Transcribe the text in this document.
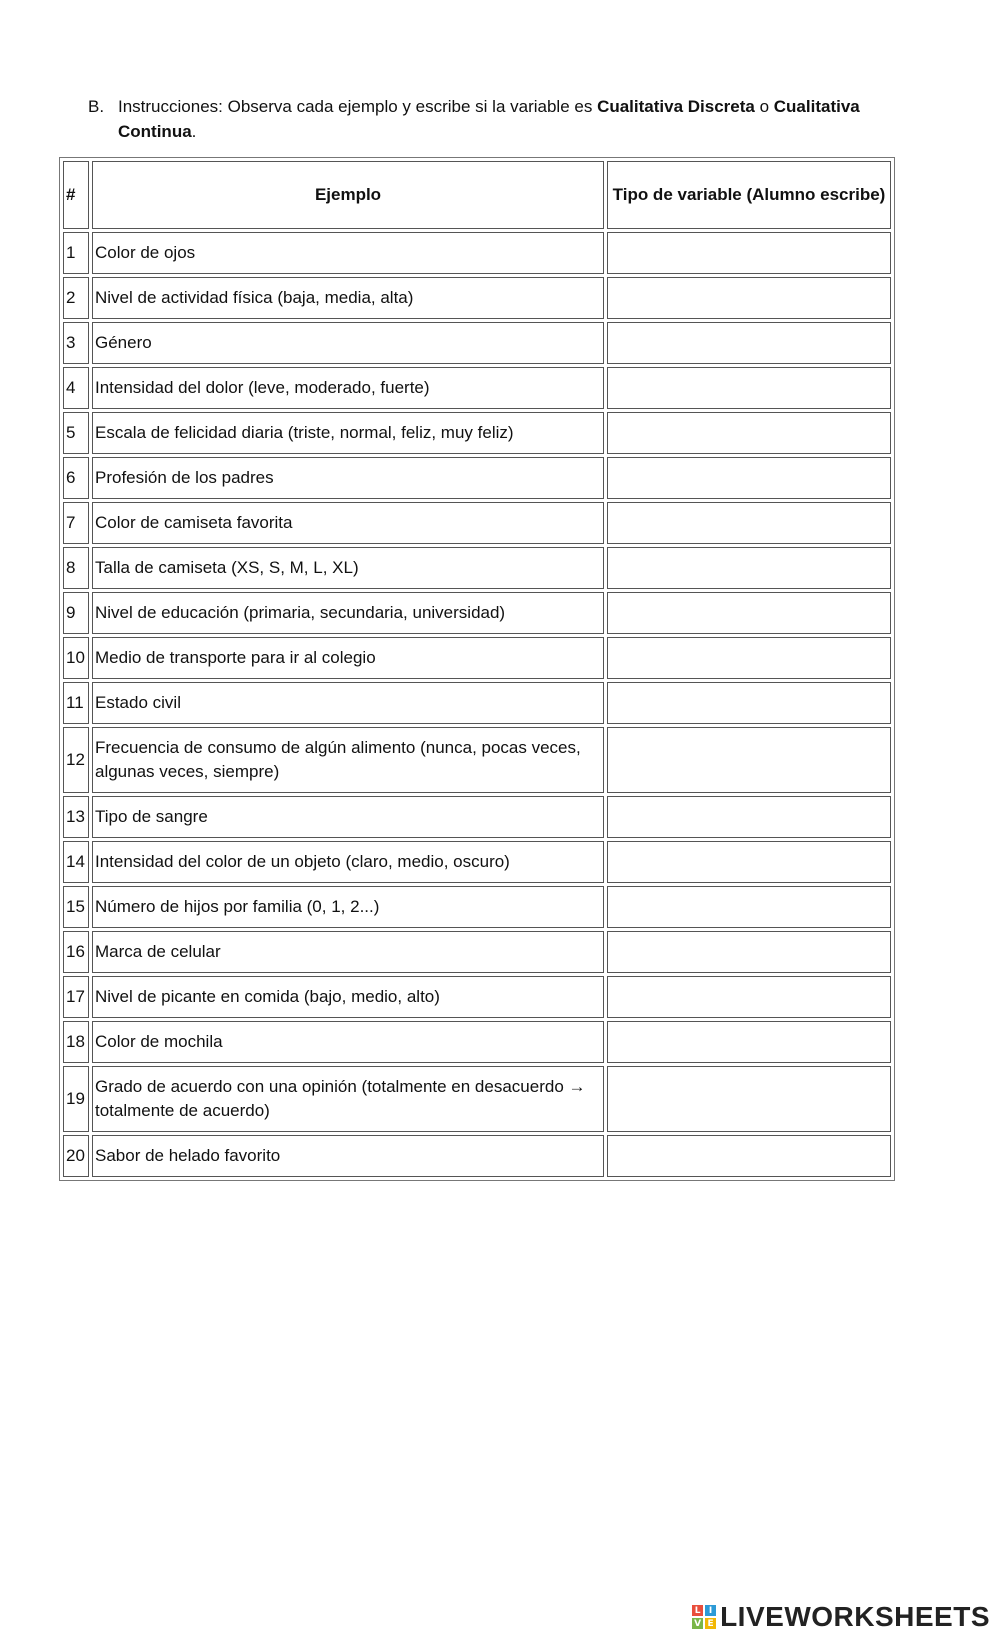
B. Instrucciones: Observa cada ejemplo y escribe si la variable es Cualitativa Discreta o Cualitativa Continua.
#	Ejemplo	Tipo de variable (Alumno escribe)
1	Color de ojos	
2	Nivel de actividad física (baja, media, alta)	
3	Género	
4	Intensidad del dolor (leve, moderado, fuerte)	
5	Escala de felicidad diaria (triste, normal, feliz, muy feliz)	
6	Profesión de los padres	
7	Color de camiseta favorita	
8	Talla de camiseta (XS, S, M, L, XL)	
9	Nivel de educación (primaria, secundaria, universidad)	
10	Medio de transporte para ir al colegio	
11	Estado civil	
12	Frecuencia de consumo de algún alimento (nunca, pocas veces, algunas veces, siempre)	
13	Tipo de sangre	
14	Intensidad del color de un objeto (claro, medio, oscuro)	
15	Número de hijos por familia (0, 1, 2...)	
16	Marca de celular	
17	Nivel de picante en comida (bajo, medio, alto)	
18	Color de mochila	
19	Grado de acuerdo con una opinión (totalmente en desacuerdo → totalmente de acuerdo)	
20	Sabor de helado favorito	
L I
V E LIVEWORKSHEETS
